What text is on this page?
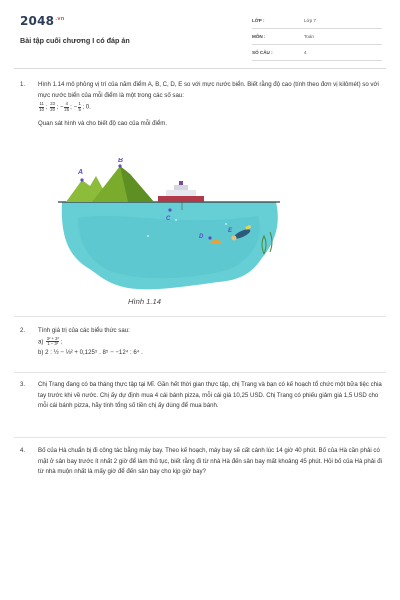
$2048^{.vn}$
Bài tập cuối chương I có đáp án
LỚP :	Lớp 7
MÔN :	Toán
SỐ CÂU :	4
1. Hình 1.14 mô phỏng vị trí của năm điểm A, B, C, D, E so với mực nước biển. Biết rằng độ cao (tính theo đơn vị kilômét) so với mực nước biển của mỗi điểm là một trong các số sau:
$\frac{11}{10}$ ; $\frac{23}{20}$ ; − $\frac{4}{25}$ ; − $\frac{1}{5}$ ; 0.
Quan sát hình và cho biết độ cao của mỗi điểm.
A
B
C
D
E
Hình 1.14
2. Tính giá trị của các biểu thức sau:
$a) \frac{\text{3² + 3³}}{\text{1 − 3²}}$ ;
b) 2 : ½ − ⅓² + 0,125⁵ . 8⁵ − −12⁴ : 6⁴ .
3. Chị Trang đang có ba tháng thực tập tại Mĩ. Gần hết thời gian thực tập, chị Trang và bạn có kế hoạch tổ chức một bữa tiệc chia tay trước khi về nước. Chị ấy dự định mua 4 cái bánh pizza, mỗi cái giá 10,25 USD. Chị Trang có phiếu giảm giá 1,5 USD cho mỗi cái bánh pizza, hãy tính tổng số tiền chị ấy dùng để mua bánh.
4. Bố của Hà chuẩn bị đi công tác bằng máy bay. Theo kế hoạch, máy bay sẽ cất cánh lúc 14 giờ 40 phút. Bố của Hà cần phải có mặt ở sân bay trước ít nhất 2 giờ để làm thủ tục, biết rằng đi từ nhà Hà đến sân bay mất khoảng 45 phút. Hỏi bố của Hà phải đi từ nhà muộn nhất là mấy giờ để đến sân bay cho kịp giờ bay?
